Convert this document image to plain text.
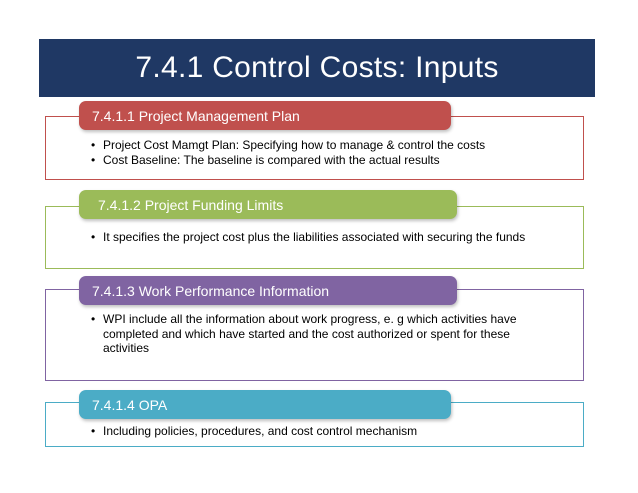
7.4.1 Control Costs: Inputs
• Project Cost Mamgt Plan: Specifying how to manage & control the costs
• Cost Baseline: The baseline is compared with the actual results
7.4.1.1 Project Management Plan
• It specifies the project cost plus the liabilities associated with securing the funds
7.4.1.2 Project Funding Limits
• WPI include all the information about work progress, e. g which activities have completed and which have started and the cost authorized or spent for these activities
7.4.1.3 Work Performance Information
• Including policies, procedures, and cost control mechanism
7.4.1.4 OPA
